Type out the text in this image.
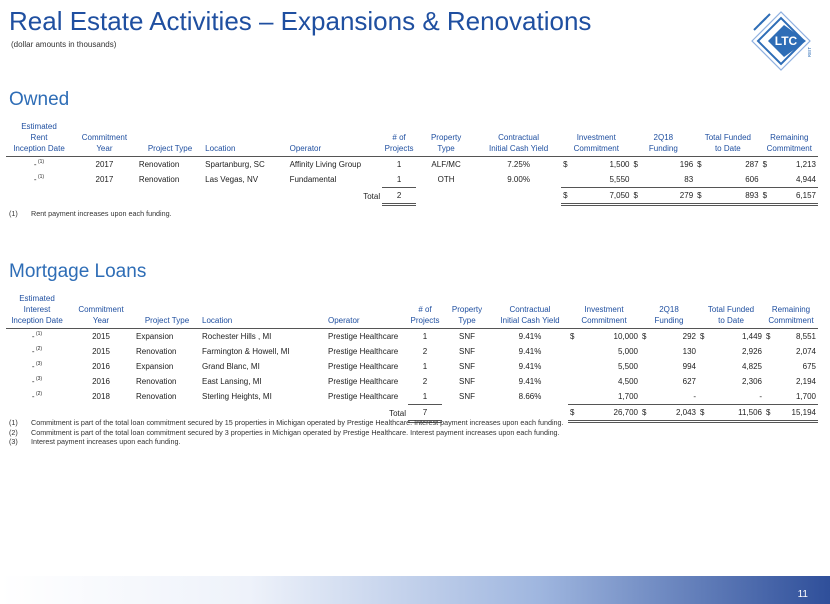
Real Estate Activities – Expansions & Renovations
(dollar amounts in thousands)	LTC
REIT
Owned
Estimated
Rent
Inception Date	Commitment
Year	Project Type	Location	Operator	# of
Projects	Property
Type	Contractual
Initial Cash Yield	Investment
Commitment	2Q18
Funding	Total Funded
to Date	Remaining
Commitment
- $^{(1)}$	2017	Renovation	Spartanburg, SC	Affinity Living Group	1	ALF/MC	7.25%	$ 1,500	$ 196	$ 287	$ 1,213

- $^{(1)}$	2017	Renovation	Las Vegas, NV	Fundamental	1	OTH	9.00%	5,550	83	606	4,944

				Total	2			$ 7,050	$ 279	$ 893	$ 6,157
(1) Rent payment increases upon each funding.
Mortgage Loans
Estimated
Interest
Inception Date	Commitment
Year	Project Type	Location	Operator	# of
Projects	Property
Type	Contractual
Initial Cash Yield	Investment
Commitment	2Q18
Funding	Total Funded
to Date	Remaining
Commitment
- $^{(1)}$	2015	Expansion	Rochester Hills , MI	Prestige Healthcare	1	SNF	9.41%	$ 10,000	$ 292	$ 1,449	$ 8,551

- $^{(2)}$	2015	Renovation	Farmington & Howell, MI	Prestige Healthcare	2	SNF	9.41%	5,000	130	2,926	2,074

- $^{(3)}$	2016	Expansion	Grand Blanc, MI	Prestige Healthcare	1	SNF	9.41%	5,500	994	4,825	675

- $^{(3)}$	2016	Renovation	East Lansing, MI	Prestige Healthcare	2	SNF	9.41%	4,500	627	2,306	2,194

- $^{(2)}$	2018	Renovation	Sterling Heights, MI	Prestige Healthcare	1	SNF	8.66%	1,700	-	-	1,700

				Total	7			$ 26,700	$ 2,043	$ 11,506	$ 15,194
(1) Commitment is part of the total loan commitment secured by 15 properties in Michigan operated by Prestige Healthcare. Interest payment increases upon each funding.
(2) Commitment is part of the total loan commitment secured by 3 properties in Michigan operated by Prestige Healthcare. Interest payment increases upon each funding.
(3) Interest payment increases upon each funding.
11
